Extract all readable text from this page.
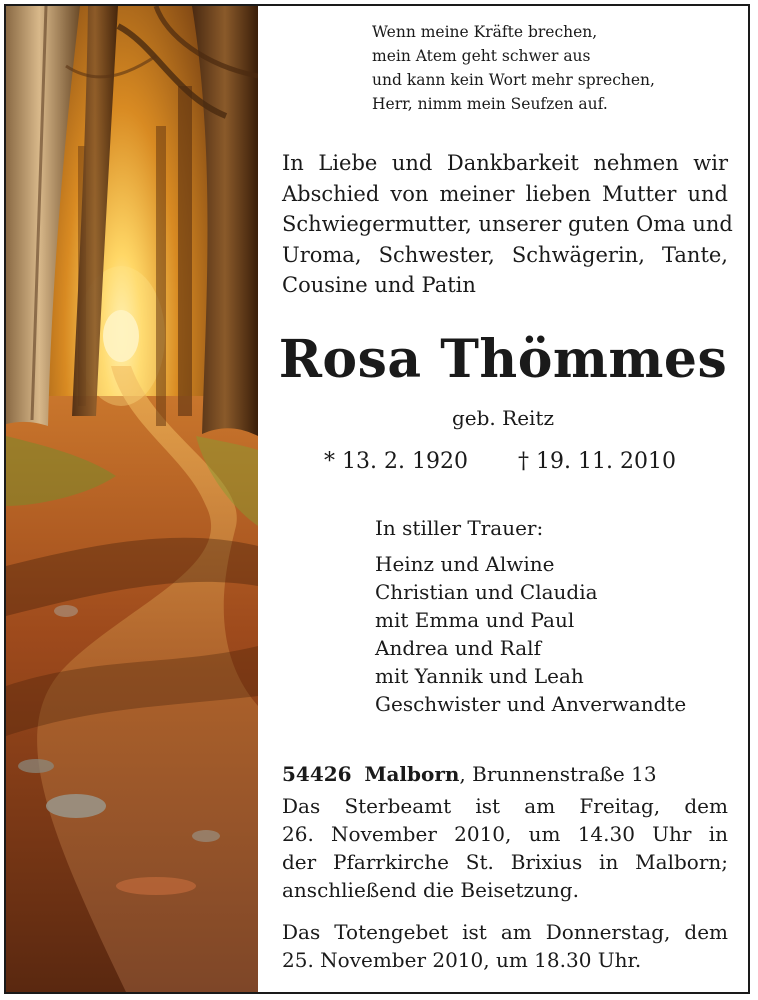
Wenn meine Kräfte brechen,
mein Atem geht schwer aus
und kann kein Wort mehr sprechen,
Herr, nimm mein Seufzen auf.
In Liebe und Dankbarkeit nehmen wir
Abschied von meiner lieben Mutter und
Schwiegermutter, unserer guten Oma und
Uroma, Schwester, Schwägerin, Tante,
Cousine und Patin
Rosa Thömmes
geb. Reitz
* 13. 2. 1920 † 19. 11. 2010
In stiller Trauer:
Heinz und Alwine
Christian und Claudia
mit Emma und Paul
Andrea und Ralf
mit Yannik und Leah
Geschwister und Anverwandte
54426 Malborn, Brunnenstraße 13
Das Sterbeamt ist am Freitag, dem
26. November 2010, um 14.30 Uhr in
der Pfarrkirche St. Brixius in Malborn;
anschließend die Beisetzung.
Das Totengebet ist am Donnerstag, dem
25. November 2010, um 18.30 Uhr.
